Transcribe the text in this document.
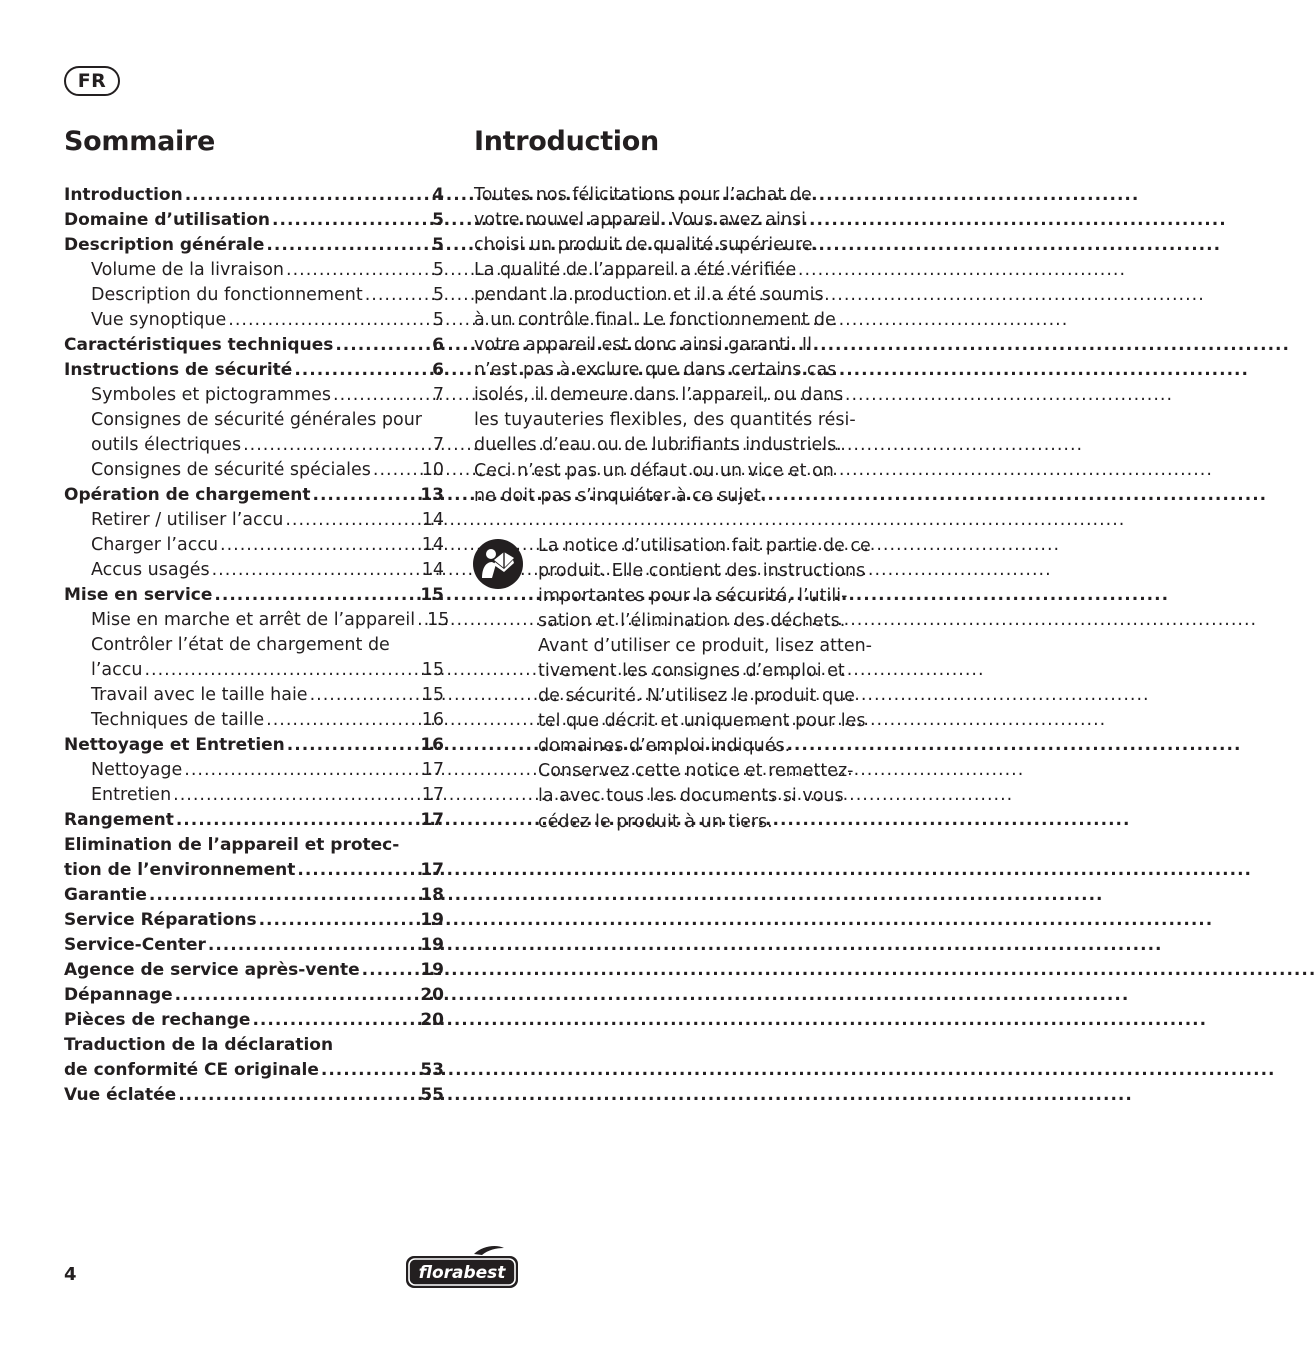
FR
Sommaire	Introduction
Introduction .....	4
Domaine d’utilisation .....	5
Description générale .....	5
Volume de la livraison .....	5
Description du fonctionnement .....	5
Vue synoptique .....	5
Caractéristiques techniques .....	6
Instructions de sécurité .....	6
Symboles et pictogrammes .....	7
Consignes de sécurité générales pour
outils électriques .....	7
Consignes de sécurité spéciales .....	10
Opération de chargement .....	13
Retirer / utiliser l’accu .....	14
Charger l’accu .....	14
Accus usagés .....	14
Mise en service .....	15
Mise en marche et arrêt de l’appareil ..... 15
Contrôler l’état de chargement de
l’accu .....	15
Travail avec le taille haie .....	15
Techniques de taille .....	16
Nettoyage et Entretien .....	16
Nettoyage .....	17
Entretien .....	17
Rangement .....	17
Elimination de l’appareil et protec-
tion de l’environnement .....	17
Garantie .....	18
Service Réparations .....	19
Service-Center .....	19
Agence de service après-vente .....	19
Dépannage .....	20
Pièces de rechange .....	20
Traduction de la déclaration
de conformité CE originale .....	53
Vue éclatée .....	55
Toutes nos félicitations pour l’achat de
votre nouvel appareil. Vous avez ainsi
choisi un produit de qualité supérieure.
La qualité de l’appareil a été vérifiée
pendant la production et il a été soumis
à un contrôle final. Le fonctionnement de
votre appareil est donc ainsi garanti. Il
n’est pas à exclure que dans certains cas
isolés, il demeure dans l’appareil, ou dans
les tuyauteries flexibles, des quantités rési-
duelles d’eau ou de lubrifiants industriels.
Ceci n’est pas un défaut ou un vice et on
ne doit pas s’inquiéter à ce sujet.
La notice d’utilisation fait partie de ce
produit. Elle contient des instructions
importantes pour la sécurité, l’utili-
sation et l’élimination des déchets.
Avant d’utiliser ce produit, lisez atten-
tivement les consignes d’emploi et
de sécurité. N’utilisez le produit que
tel que décrit et uniquement pour les
domaines d’emploi indiqués.
Conservez cette notice et remettez-
la avec tous les documents si vous
cédez le produit à un tiers.
4	florabest
